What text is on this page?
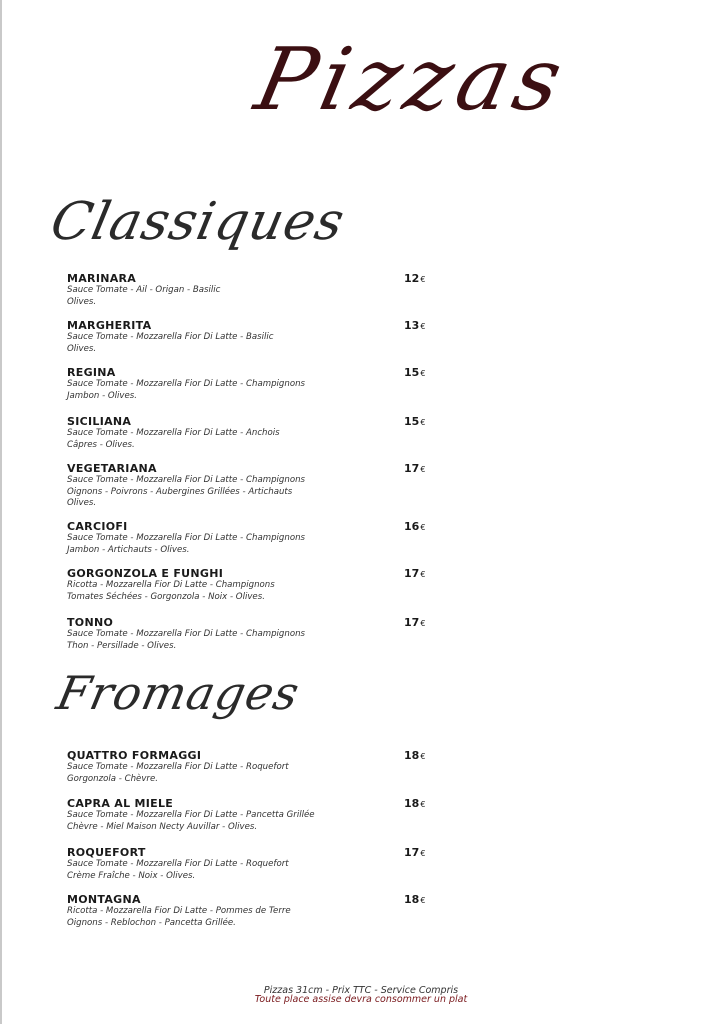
Pizzas
Classiques
Fromages
MARINARA	12€
Sauce Tomate - Ail - Origan - Basilic
Olives.
MARGHERITA	13€
Sauce Tomate - Mozzarella Fior Di Latte - Basilic
Olives.
REGINA	15€
Sauce Tomate - Mozzarella Fior Di Latte - Champignons
Jambon - Olives.
SICILIANA	15€
Sauce Tomate - Mozzarella Fior Di Latte - Anchois
Câpres - Olives.
VEGETARIANA	17€
Sauce Tomate - Mozzarella Fior Di Latte - Champignons
Oignons - Poivrons - Aubergines Grillées - Artichauts
Olives.
CARCIOFI	16€
Sauce Tomate - Mozzarella Fior Di Latte - Champignons
Jambon - Artichauts - Olives.
GORGONZOLA E FUNGHI	17€
Ricotta - Mozzarella Fior Di Latte - Champignons
Tomates Séchées - Gorgonzola - Noix - Olives.
TONNO	17€
Sauce Tomate - Mozzarella Fior Di Latte - Champignons
Thon - Persillade - Olives.
QUATTRO FORMAGGI	18€
Sauce Tomate - Mozzarella Fior Di Latte - Roquefort
Gorgonzola - Chèvre.
CAPRA AL MIELE	18€
Sauce Tomate - Mozzarella Fior Di Latte - Pancetta Grillée
Chèvre - Miel Maison Necty Auvillar - Olives.
ROQUEFORT	17€
Sauce Tomate - Mozzarella Fior Di Latte - Roquefort
Crème Fraîche - Noix - Olives.
MONTAGNA	18€
Ricotta - Mozzarella Fior Di Latte - Pommes de Terre
Oignons - Reblochon - Pancetta Grillée.
Pizzas 31cm - Prix TTC - Service Compris
Toute place assise devra consommer un plat
